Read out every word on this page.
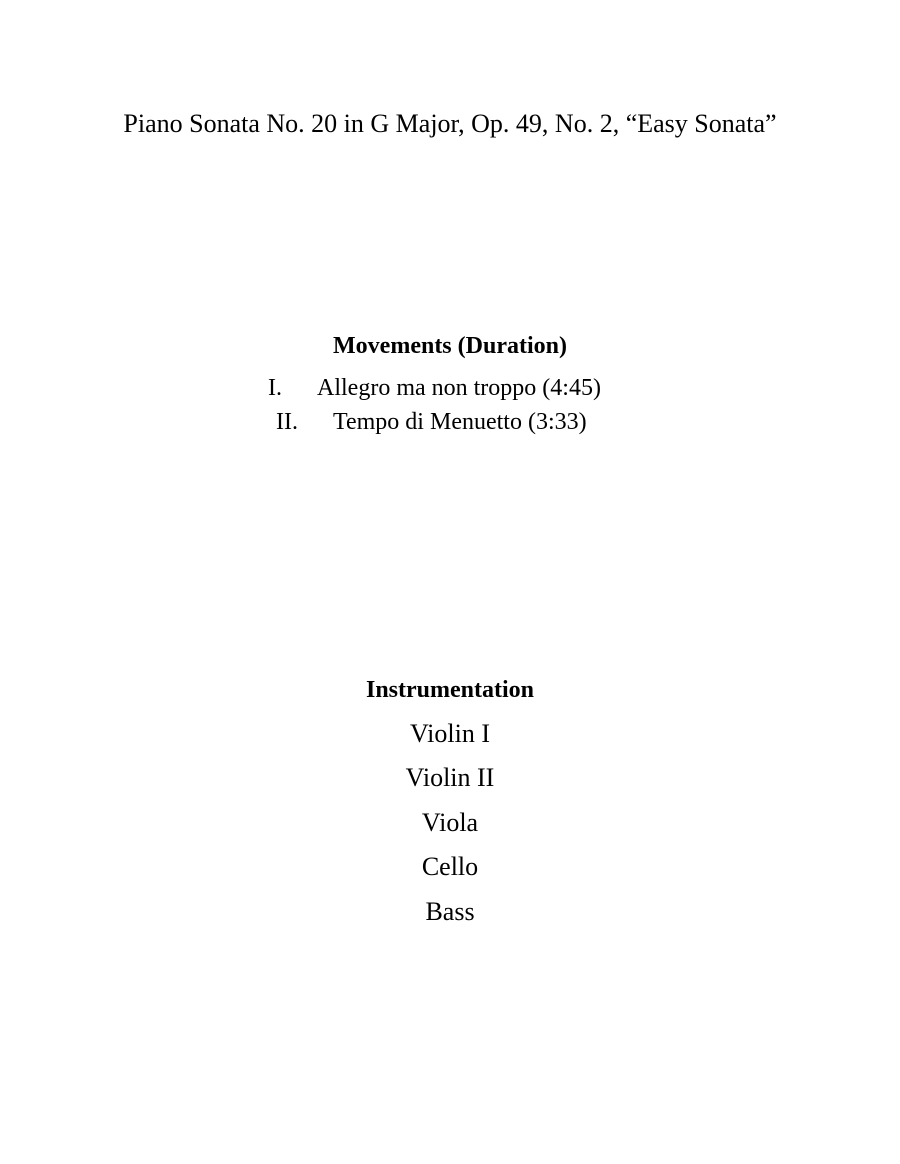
Piano Sonata No. 20 in G Major, Op. 49, No. 2, “Easy Sonata”
Movements (Duration)
I. Allegro ma non troppo (4:45)
II. Tempo di Menuetto (3:33)
Instrumentation
Violin I
Violin II
Viola
Cello
Bass
